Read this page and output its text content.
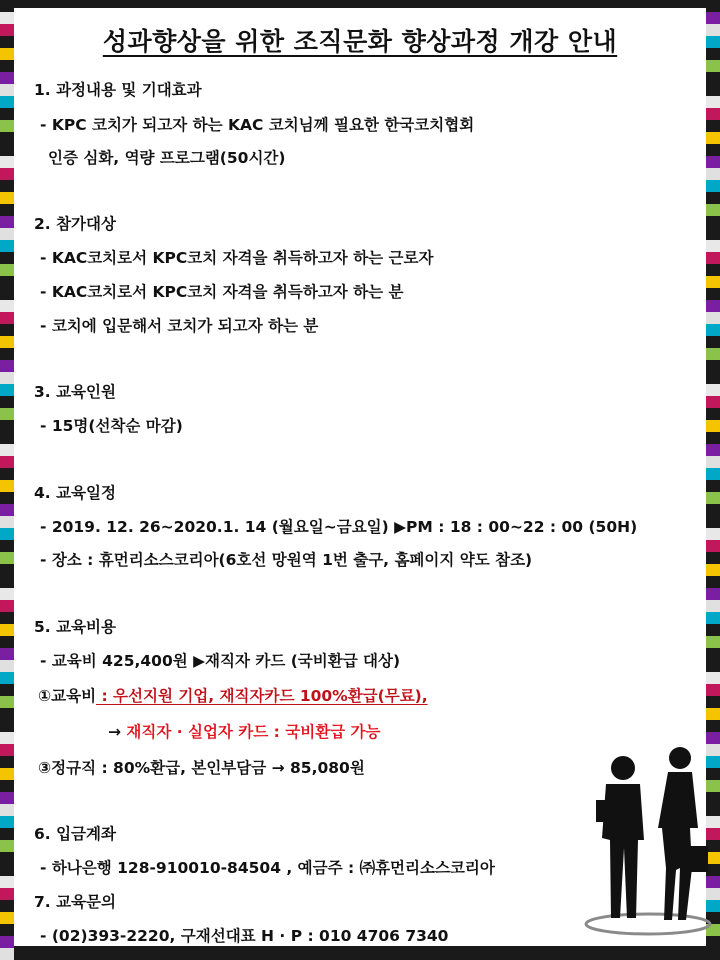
성과향상을 위한 조직문화 향상과정 개강 안내
1. 과정내용 및 기대효과
- KPC 코치가 되고자 하는 KAC 코치님께 필요한 한국코치협회
인증 심화, 역량 프로그램(50시간)
2. 참가대상
- KAC코치로서 KPC코치 자격을 취득하고자 하는 근로자
- KAC코치로서 KPC코치 자격을 취득하고자 하는 분
- 코치에 입문해서 코치가 되고자 하는 분
3. 교육인원
- 15명(선착순 마감)
4. 교육일정
- 2019. 12. 26~2020.1. 14 (월요일~금요일) ▶PM : 18 : 00~22 : 00 (50H)
- 장소 : 휴먼리소스코리아(6호선 망원역 1번 출구, 홈페이지 약도 참조)
5. 교육비용
- 교육비 425,400원 ▶재직자 카드 (국비환급 대상)
①교육비 : 우선지원 기업, 재직자카드 100%환급(무료),
→ 재직자 · 실업자 카드 : 국비환급 가능
③정규직 : 80%환급, 본인부담금 → 85,080원
6. 입금계좌
- 하나은행 128-910010-84504 , 예금주 : ㈜휴먼리소스코리아
7. 교육문의
- (02)393-2220, 구재선대표 H · P : 010 4706 7340
